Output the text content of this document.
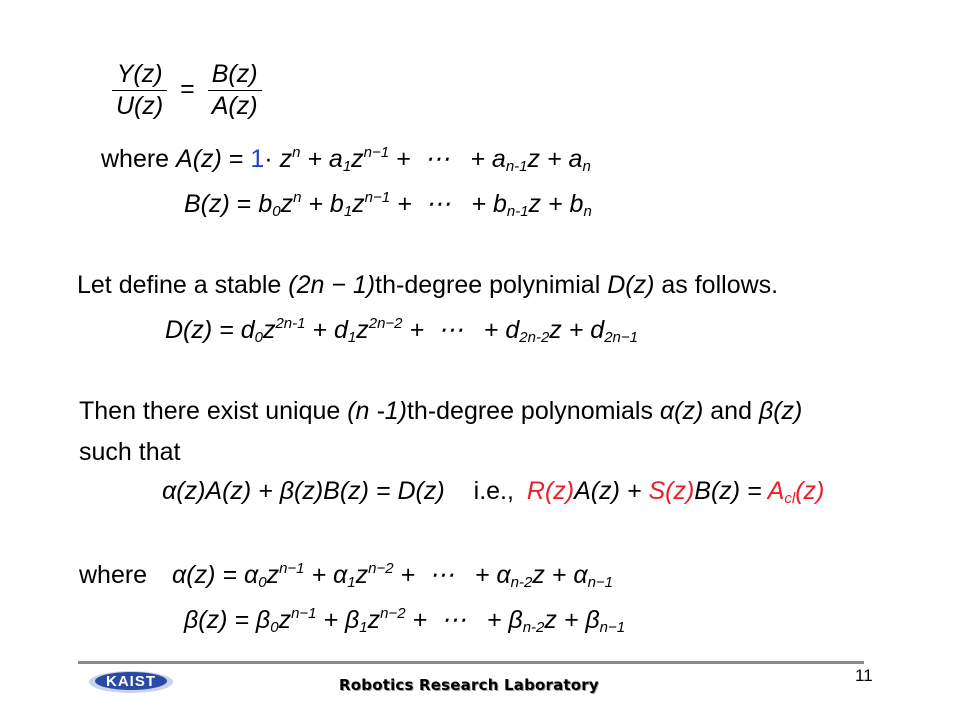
$\frac{Y(z)}{U(z)} = \frac{B(z)}{A(z)}$
where $A(z) = 1\cdot z^n + a_1z^{n-1}$ +  ⋯   + $a_{n-1}z + a_n$
$B(z) = b_0z^n + b_1z^{n-1}$ +  ⋯   + $b_{n-1}z + b_n$
Let define a stable (2n − 1)th-degree polynimial D(z) as follows.
$D(z) = d_0z^{2n-1} + d_1z^{2n-2}$ +  ⋯   + $d_{2n-2}z + d_{2n-1}$
Then there exist unique (n -1)th-degree polynomials α(z) and β(z)
such that
α(z)A(z) + β(z)B(z) = D(z) i.e., $R(z)A(z) + S(z)B(z) = A_{cl}(z)$
where $\alpha(z) = \alpha_0z^{n-1} + \alpha_1z^{n-2}$ +  ⋯   + $\alpha_{n-2}z + \alpha_{n-1}$
$\beta(z) = \beta_0z^{n-1} + \beta_1z^{n-2}$ +  ⋯   + $\beta_{n-2}z + \beta_{n-1}$
KAIST	Robotics Research Laboratory	11
